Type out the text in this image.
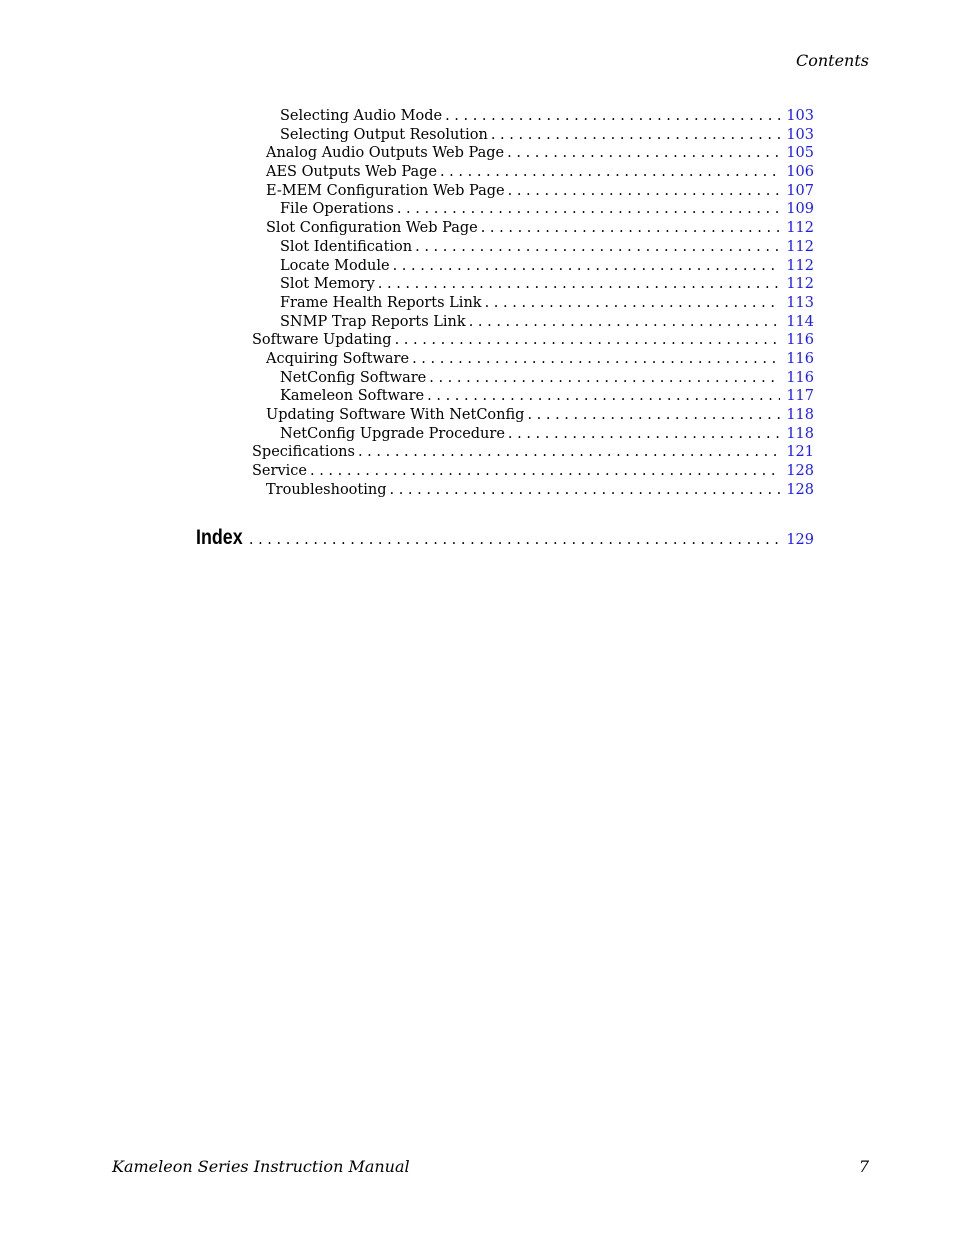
Contents
Selecting Audio Mode . . .	103
Selecting Output Resolution . . .	103
Analog Audio Outputs Web Page . . .	105
AES Outputs Web Page . . .	106
E-MEM Configuration Web Page . . .	107
File Operations . . .	109
Slot Configuration Web Page . . .	112
Slot Identification . . .	112
Locate Module . . .	112
Slot Memory . . .	112
Frame Health Reports Link . . .	113
SNMP Trap Reports Link . . .	114
Software Updating . . .	116
Acquiring Software . . .	116
NetConfig Software . . .	116
Kameleon Software . . .	117
Updating Software With NetConfig . . .	118
NetConfig Upgrade Procedure . . .	118
Specifications . . .	121
Service . . .	128
Troubleshooting . . .	128
Index . . .	129
Kameleon Series Instruction Manual	7
